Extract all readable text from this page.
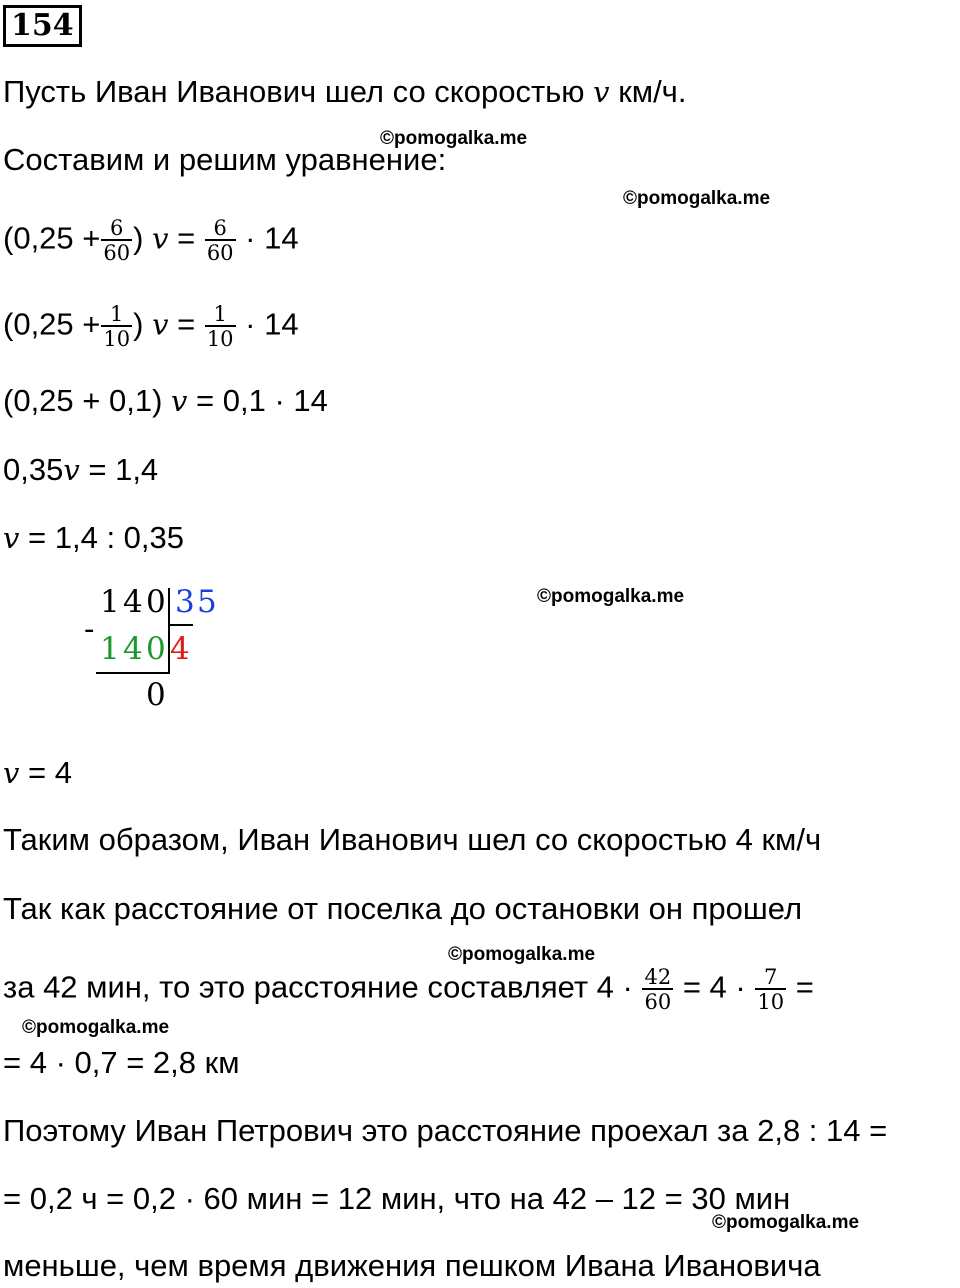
154
Пусть Иван Иванович шел со скоростью v км/ч.
Составим и решим уравнение:
($0,25 + \frac{6}{60}$ ) $v = \frac{6}{60} \cdot 14$
($0,25 + \frac{1}{10}$ ) $v = \frac{1}{10} \cdot 14$
(0,25 + 0,1) v = 0,1 · 14
0,35v = 1,4
v = 1,4 : 0,35
1 4 0 3 5
-
1 4 0 4
0
v = 4
Таким образом, Иван Иванович шел со скоростью 4 км/ч
Так как расстояние от поселка до остановки он прошел
за 42 мин, то это расстояние составляет $4 \cdot \frac{42}{60} = 4 \cdot \frac{7}{10}$ =
= 4 · 0,7 = 2,8 км
Поэтому Иван Петрович это расстояние проехал за 2,8 : 14 =
= 0,2 ч = 0,2 · 60 мин = 12 мин, что на 42 – 12 = 30 мин
меньше, чем время движения пешком Ивана Ивановича
©pomogalka.me
©pomogalka.me
©pomogalka.me
©pomogalka.me
©pomogalka.me
©pomogalka.me
